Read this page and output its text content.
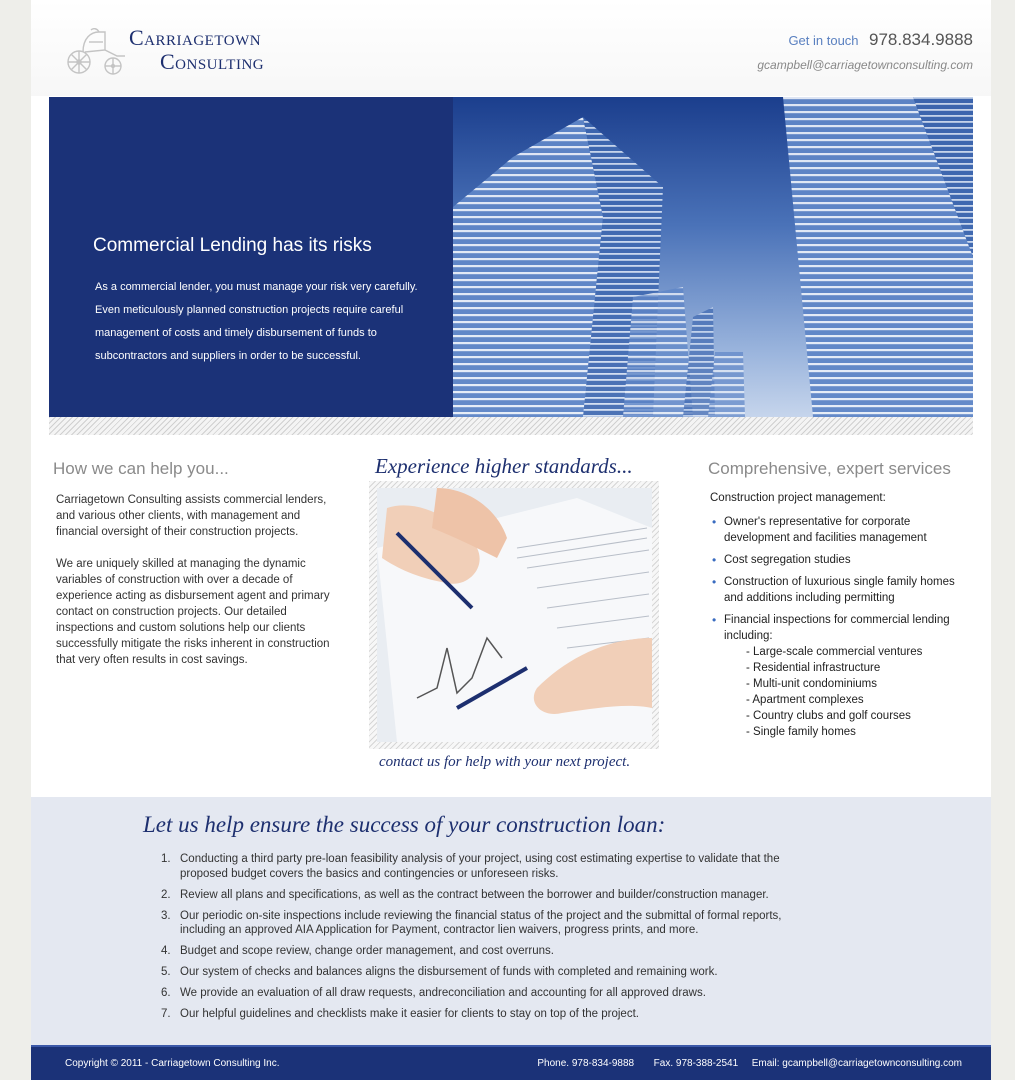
Carriagetown
Consulting
Get in touch 978.834.9888
gcampbell@carriagetownconsulting.com
Commercial Lending has its risks
As a commercial lender, you must manage your risk very carefully. Even meticulously planned construction projects require careful management of costs and timely disbursement of funds to subcontractors and suppliers in order to be successful.
How we can help you...

Carriagetown Consulting assists commercial lenders, and various other clients, with management and financial oversight of their construction projects.

We are uniquely skilled at managing the dynamic variables of construction with over a decade of experience acting as disbursement agent and primary contact on construction projects. Our detailed inspections and custom solutions help our clients successfully mitigate the risks inherent in construction that very often results in cost savings.

Experience higher standards...
contact us for help with your next project.
Comprehensive, expert services
Construction project management:
• Owner's representative for corporate development and facilities management
• Cost segregation studies
• Construction of luxurious single family homes and additions including permitting
• Financial inspections for commercial lending including:
- Large-scale commercial ventures
- Residential infrastructure
- Multi-unit condominiums
- Apartment complexes
- Country clubs and golf courses
- Single family homes
Let us help ensure the success of your construction loan:
1. Conducting a third party pre-loan feasibility analysis of your project, using cost estimating expertise to validate that the proposed budget covers the basics and contingencies or unforeseen risks.
2. Review all plans and specifications, as well as the contract between the borrower and builder/construction manager.
3. Our periodic on-site inspections include reviewing the financial status of the project and the submittal of formal reports, including an approved AIA Application for Payment, contractor lien waivers, progress prints, and more.
4. Budget and scope review, change order management, and cost overruns.
5. Our system of checks and balances aligns the disbursement of funds with completed and remaining work.
6. We provide an evaluation of all draw requests, andreconciliation and accounting for all approved draws.
7. Our helpful guidelines and checklists make it easier for clients to stay on top of the project.
Copyright © 2011 - Carriagetown Consulting Inc.	Phone. 978-834-9888 Fax. 978-388-2541 Email: gcampbell@carriagetownconsulting.com
